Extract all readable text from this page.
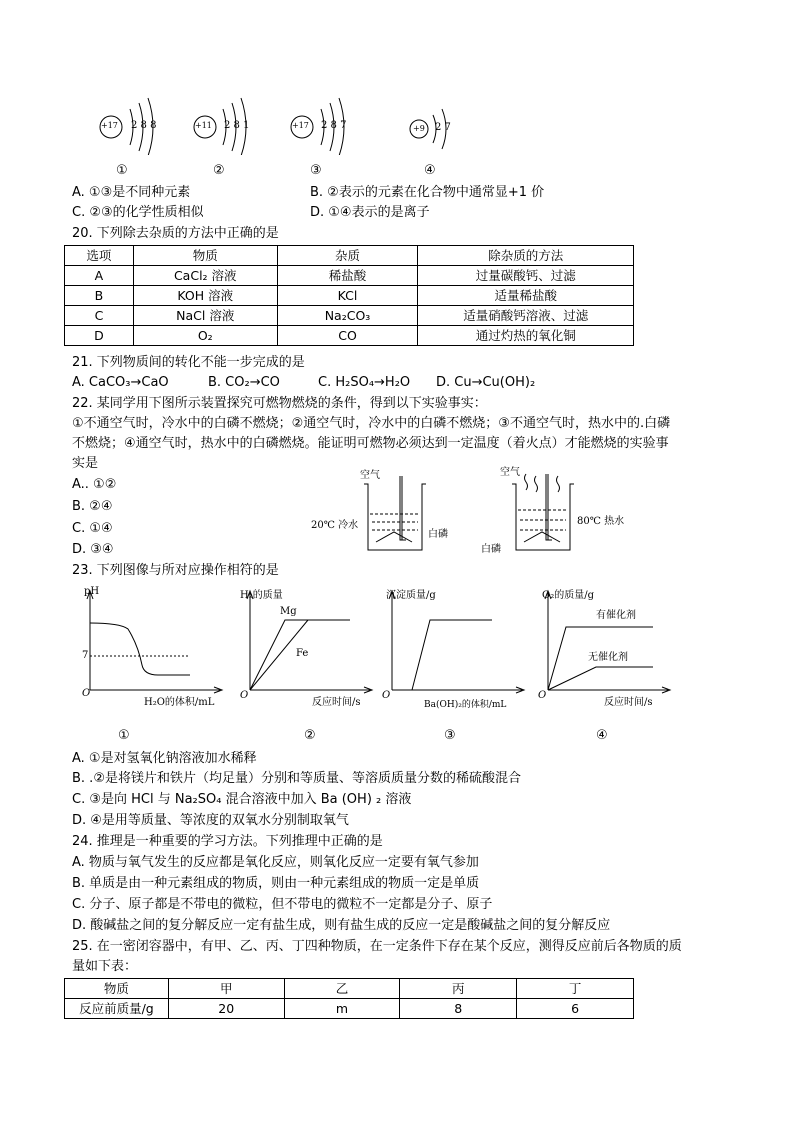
+17 2 8 8	+11 2 8 1	+17 2 8 7	+9 2 7
①	②	③	④
A. ①③是不同种元素	B. ②表示的元素在化合物中通常显+1 价
C. ②③的化学性质相似	D. ①④表示的是离子
20. 下列除去杂质的方法中正确的是
选项	物质	杂质	除杂质的方法
A	CaCl₂ 溶液	稀盐酸	过量碳酸钙、过滤
B	KOH 溶液	KCl	适量稀盐酸
C	NaCl 溶液	Na₂CO₃	适量硝酸钙溶液、过滤
D	O₂	CO	通过灼热的氧化铜
21. 下列物质间的转化不能一步完成的是
A. CaCO₃→CaO	B. CO₂→CO	C. H₂SO₄→H₂O D. Cu→Cu(OH)₂
22. 某同学用下图所示装置探究可燃物燃烧的条件，得到以下实验事实：
①不通空气时，冷水中的白磷不燃烧；②通空气时，冷水中的白磷不燃烧；③不通空气时，热水中的.白磷
不燃烧；④通空气时，热水中的白磷燃烧。能证明可燃物必须达到一定温度（着火点）才能燃烧的实验事
实是
A.. ①②
B. ②④
C. ①④
D. ③④
空气
20℃ 冷水
白磷
空气
80℃ 热水
白磷
23. 下列图像与所对应操作相符的是
pH
7
O
H₂O的体积/mL
①
H₂的质量
Mg
Fe
O
反应时间/s
②
沉淀质量/g
O
Ba(OH)₂的体积/mL
③
O₂的质量/g
有催化剂
无催化剂
O
反应时间/s
④
A. ①是对氢氧化钠溶液加水稀释
B. .②是将镁片和铁片（均足量）分别和等质量、等溶质质量分数的稀硫酸混合
C. ③是向 HCl 与 Na₂SO₄ 混合溶液中加入 Ba (OH) ₂ 溶液
D. ④是用等质量、等浓度的双氧水分别制取氧气
24. 推理是一种重要的学习方法。下列推理中正确的是
A. 物质与氧气发生的反应都是氧化反应，则氧化反应一定要有氧气参加
B. 单质是由一种元素组成的物质，则由一种元素组成的物质一定是单质
C. 分子、原子都是不带电的微粒，但不带电的微粒不一定都是分子、原子
D. 酸碱盐之间的复分解反应一定有盐生成，则有盐生成的反应一定是酸碱盐之间的复分解反应
25. 在一密闭容器中，有甲、乙、丙、丁四种物质，在一定条件下存在某个反应，测得反应前后各物质的质
量如下表：
物质	甲	乙	丙	丁
反应前质量/g	20	m	8	6
